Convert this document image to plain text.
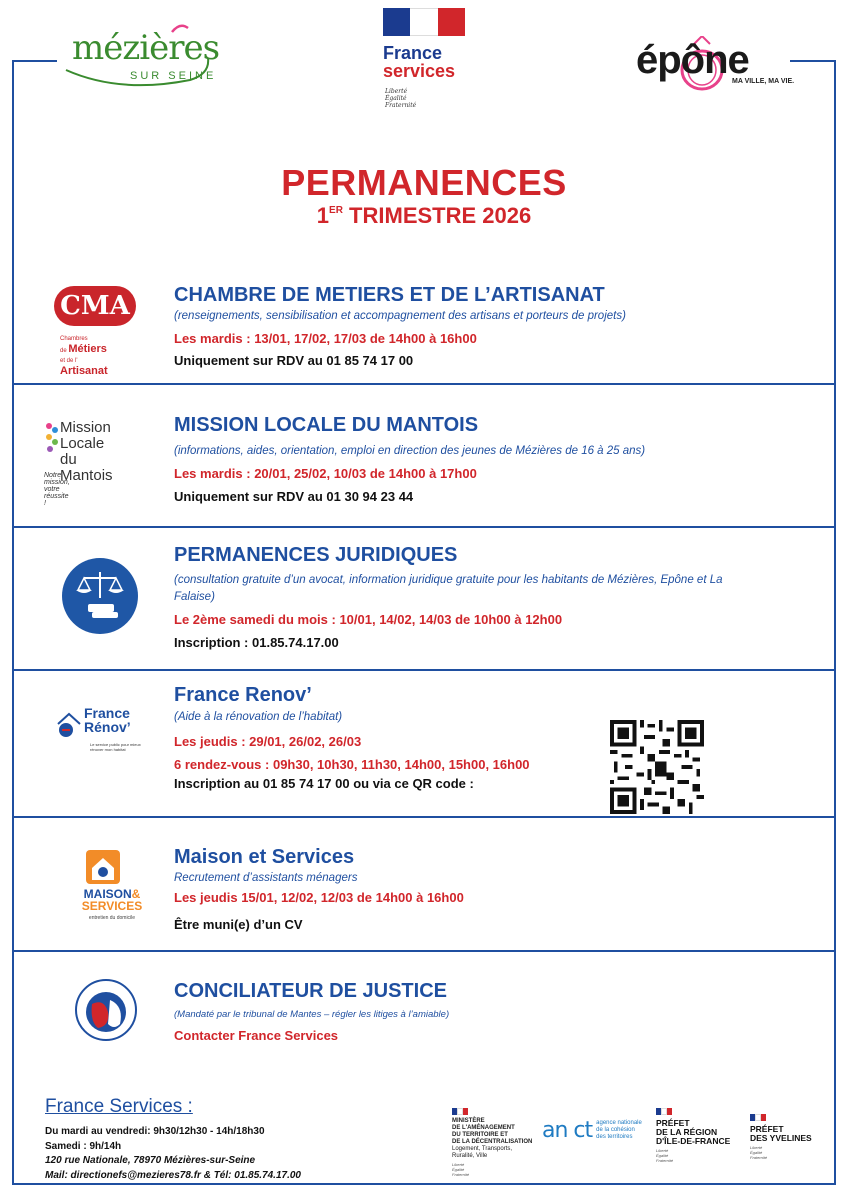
mézières
SUR SEINE
France
services
Liberté
Égalité
Fraternité
épône
MA VILLE, MA VIE.
PERMANENCES
1ER TRIMESTRE 2026
CMA
Chambres
de Métiers
et de l' Artisanat
CHAMBRE DE METIERS ET DE L’ARTISANAT
(renseignements, sensibilisation et accompagnement des artisans et porteurs de projets)
Les mardis : 13/01, 17/02, 17/03 de 14h00 à 16h00
Uniquement sur RDV au 01 85 74 17 00
Mission Locale
du Mantois
Notre mission, votre réussite !
MISSION LOCALE DU MANTOIS
(informations, aides, orientation, emploi en direction des jeunes de Mézières de 16 à 25 ans)
Les mardis : 20/01, 25/02, 10/03 de 14h00 à 17h00
Uniquement sur RDV au 01 30 94 23 44
PERMANENCES JURIDIQUES
(consultation gratuite d’un avocat, information juridique gratuite pour les habitants de Mézières, Epône et La Falaise)
Le 2ème samedi du mois : 10/01, 14/02, 14/03 de 10h00 à 12h00
Inscription : 01.85.74.17.00
France
Rénov’
Le service public pour mieux rénover mon habitat
France Renov’
(Aide à la rénovation de l’habitat)
Les jeudis : 29/01, 26/02, 26/03
6 rendez-vous : 09h30, 10h30, 11h30, 14h00, 15h00, 16h00
Inscription au 01 85 74 17 00 ou via ce QR code :
MAISON&
SERVICES
entretien du domicile
Maison et Services
Recrutement d’assistants ménagers
Les jeudis 15/01, 12/02, 12/03 de 14h00 à 16h00
Être muni(e) d’un CV
CONCILIATEUR DE JUSTICE
(Mandaté par le tribunal de Mantes – régler les litiges à l’amiable)
Contacter France Services
France Services :
Du mardi au vendredi: 9h30/12h30 - 14h/18h30
Samedi : 9h/14h
120 rue Nationale, 78970 Mézières-sur-Seine
Mail: directionefs@mezieres78.fr & Tél: 01.85.74.17.00
MINISTÈRE
DE L'AMÉNAGEMENT
DU TERRITOIRE ET
DE LA DÉCENTRALISATION
Logement, Transports,
Ruralité, Ville
Liberté
Égalité
Fraternité
an ct agence nationale
de la cohésion
des territoires
PRÉFET
DE LA RÉGION
D'ÎLE-DE-FRANCE
Liberté
Égalité
Fraternité
PRÉFET
DES YVELINES
Liberté
Égalité
Fraternité
